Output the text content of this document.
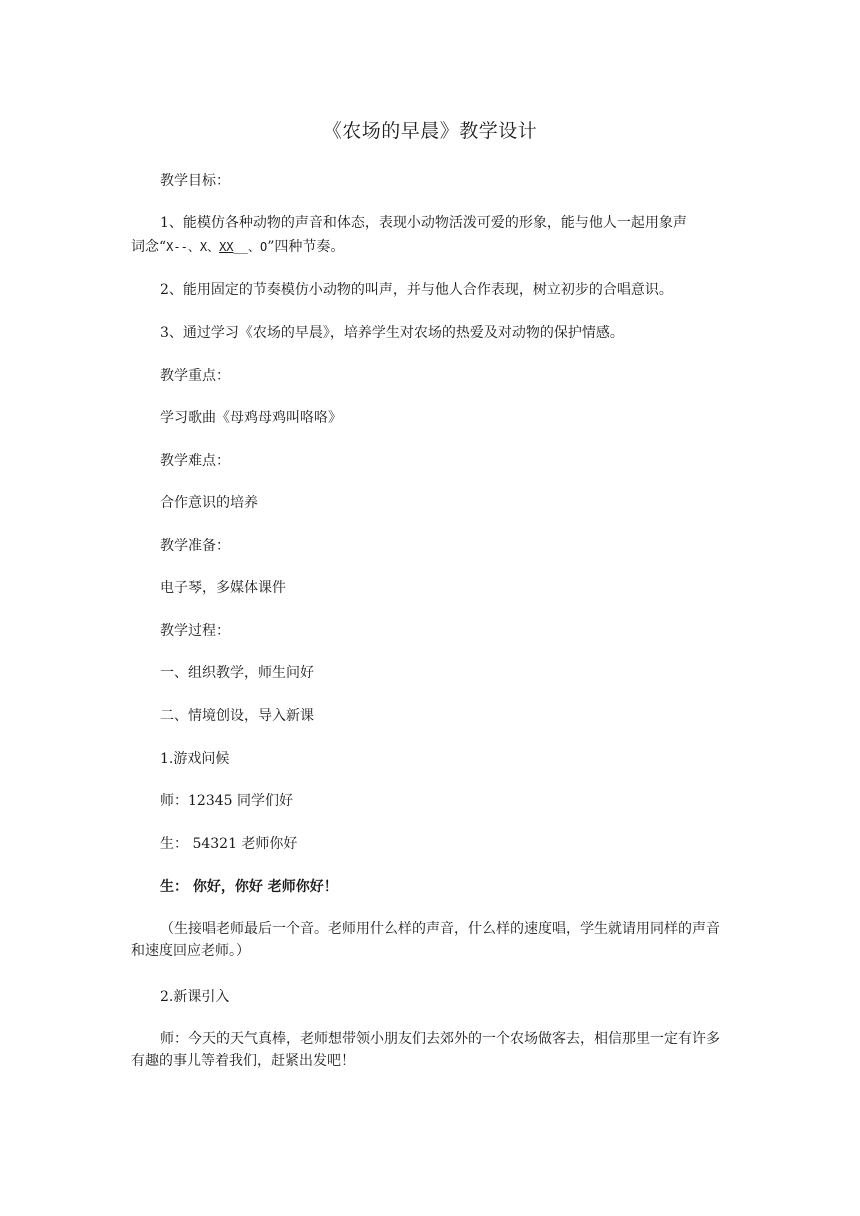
《农场的早晨》教学设计
教学目标：
1、能模仿各种动物的声音和体态，表现小动物活泼可爱的形象，能与他人一起用象声
词念“X--、X、XX__、O”四种节奏。
2、能用固定的节奏模仿小动物的叫声，并与他人合作表现，树立初步的合唱意识。
3、通过学习《农场的早晨》，培养学生对农场的热爱及对动物的保护情感。
教学重点：
学习歌曲《母鸡母鸡叫咯咯》
教学难点：
合作意识的培养
教学准备：
电子琴，多媒体课件
教学过程：
一、组织教学，师生问好
二、情境创设，导入新课
1.游戏问候
师：12345 同学们好
生： 54321 老师你好
生： 你好，你好 老师你好！
（生接唱老师最后一个音。老师用什么样的声音，什么样的速度唱，学生就请用同样的声音和速度回应老师。）
2.新课引入
师：今天的天气真棒，老师想带领小朋友们去郊外的一个农场做客去，相信那里一定有许多有趣的事儿等着我们，赶紧出发吧！
